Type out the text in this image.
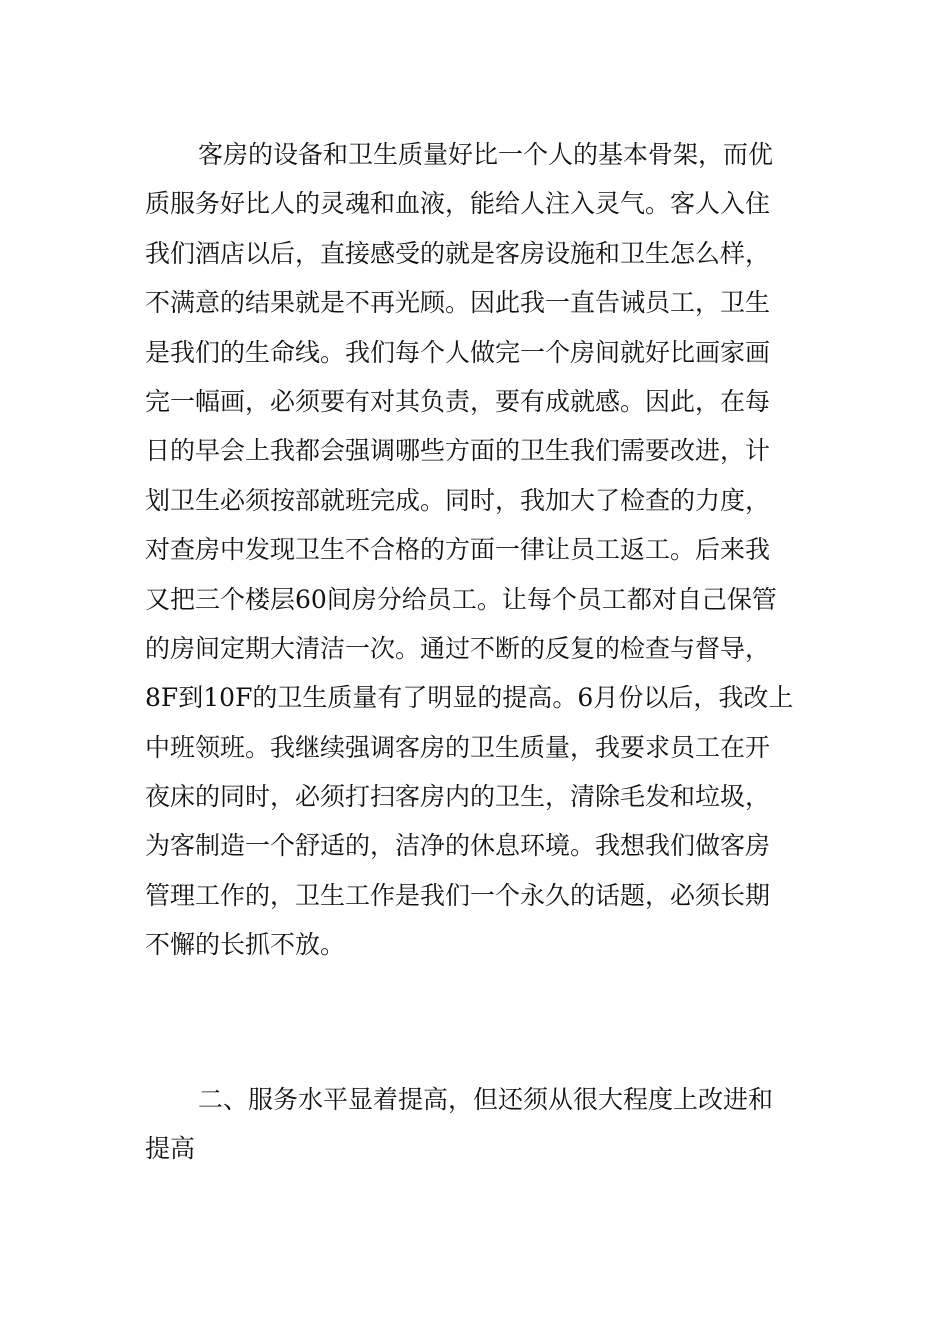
客房的设备和卫生质量好比一个人的基本骨架，而优
质服务好比人的灵魂和血液，能给人注入灵气。客人入住
我们酒店以后，直接感受的就是客房设施和卫生怎么样，
不满意的结果就是不再光顾。因此我一直告诫员工，卫生
是我们的生命线。我们每个人做完一个房间就好比画家画
完一幅画，必须要有对其负责，要有成就感。因此，在每
日的早会上我都会强调哪些方面的卫生我们需要改进，计
划卫生必须按部就班完成。同时，我加大了检查的力度，
对查房中发现卫生不合格的方面一律让员工返工。后来我
又把三个楼层60间房分给员工。让每个员工都对自己保管
的房间定期大清洁一次。通过不断的反复的检查与督导，
8F到10F的卫生质量有了明显的提高。6月份以后，我改上
中班领班。我继续强调客房的卫生质量，我要求员工在开
夜床的同时，必须打扫客房内的卫生，清除毛发和垃圾，
为客制造一个舒适的，洁净的休息环境。我想我们做客房
管理工作的，卫生工作是我们一个永久的话题，必须长期
不懈的长抓不放。
二、服务水平显着提高，但还须从很大程度上改进和
提高
